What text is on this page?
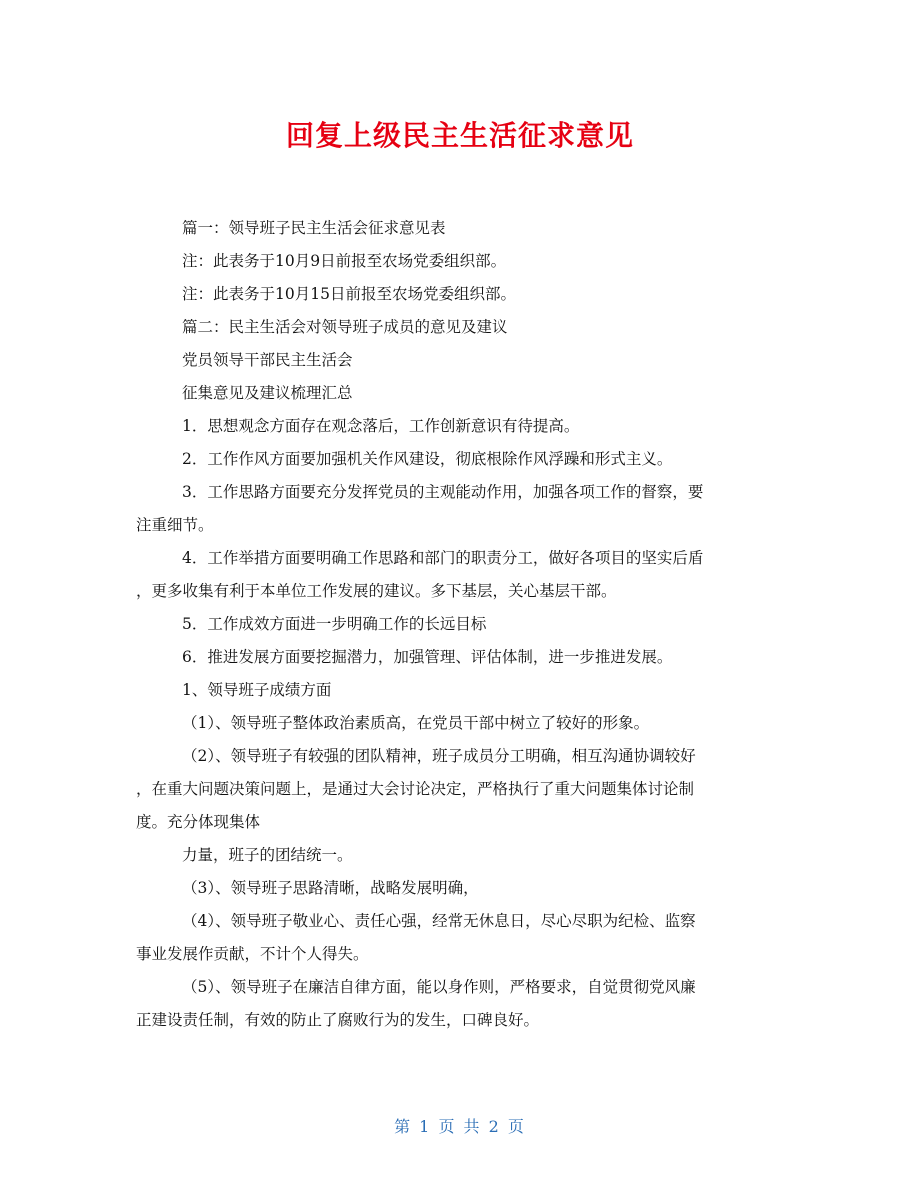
回复上级民主生活征求意见

篇一：领导班子民主生活会征求意见表

注：此表务于10月9日前报至农场党委组织部。

注：此表务于10月15日前报至农场党委组织部。

篇二：民主生活会对领导班子成员的意见及建议

党员领导干部民主生活会

征集意见及建议梳理汇总

1．思想观念方面存在观念落后，工作创新意识有待提高。

2．工作作风方面要加强机关作风建设，彻底根除作风浮躁和形式主义。

3．工作思路方面要充分发挥党员的主观能动作用，加强各项工作的督察，要

注重细节。

4．工作举措方面要明确工作思路和部门的职责分工，做好各项目的坚实后盾

，更多收集有利于本单位工作发展的建议。多下基层，关心基层干部。

5．工作成效方面进一步明确工作的长远目标

6．推进发展方面要挖掘潜力，加强管理、评估体制，进一步推进发展。

1、领导班子成绩方面

（1）、领导班子整体政治素质高，在党员干部中树立了较好的形象。

（2）、领导班子有较强的团队精神，班子成员分工明确，相互沟通协调较好

，在重大问题决策问题上，是通过大会讨论决定，严格执行了重大问题集体讨论制

度。充分体现集体

力量，班子的团结统一。

（3）、领导班子思路清晰，战略发展明确，

（4）、领导班子敬业心、责任心强，经常无休息日，尽心尽职为纪检、监察

事业发展作贡献，不计个人得失。

（5）、领导班子在廉洁自律方面，能以身作则，严格要求，自觉贯彻党风廉

正建设责任制，有效的防止了腐败行为的发生，口碑良好。

第 1 页 共 2 页
